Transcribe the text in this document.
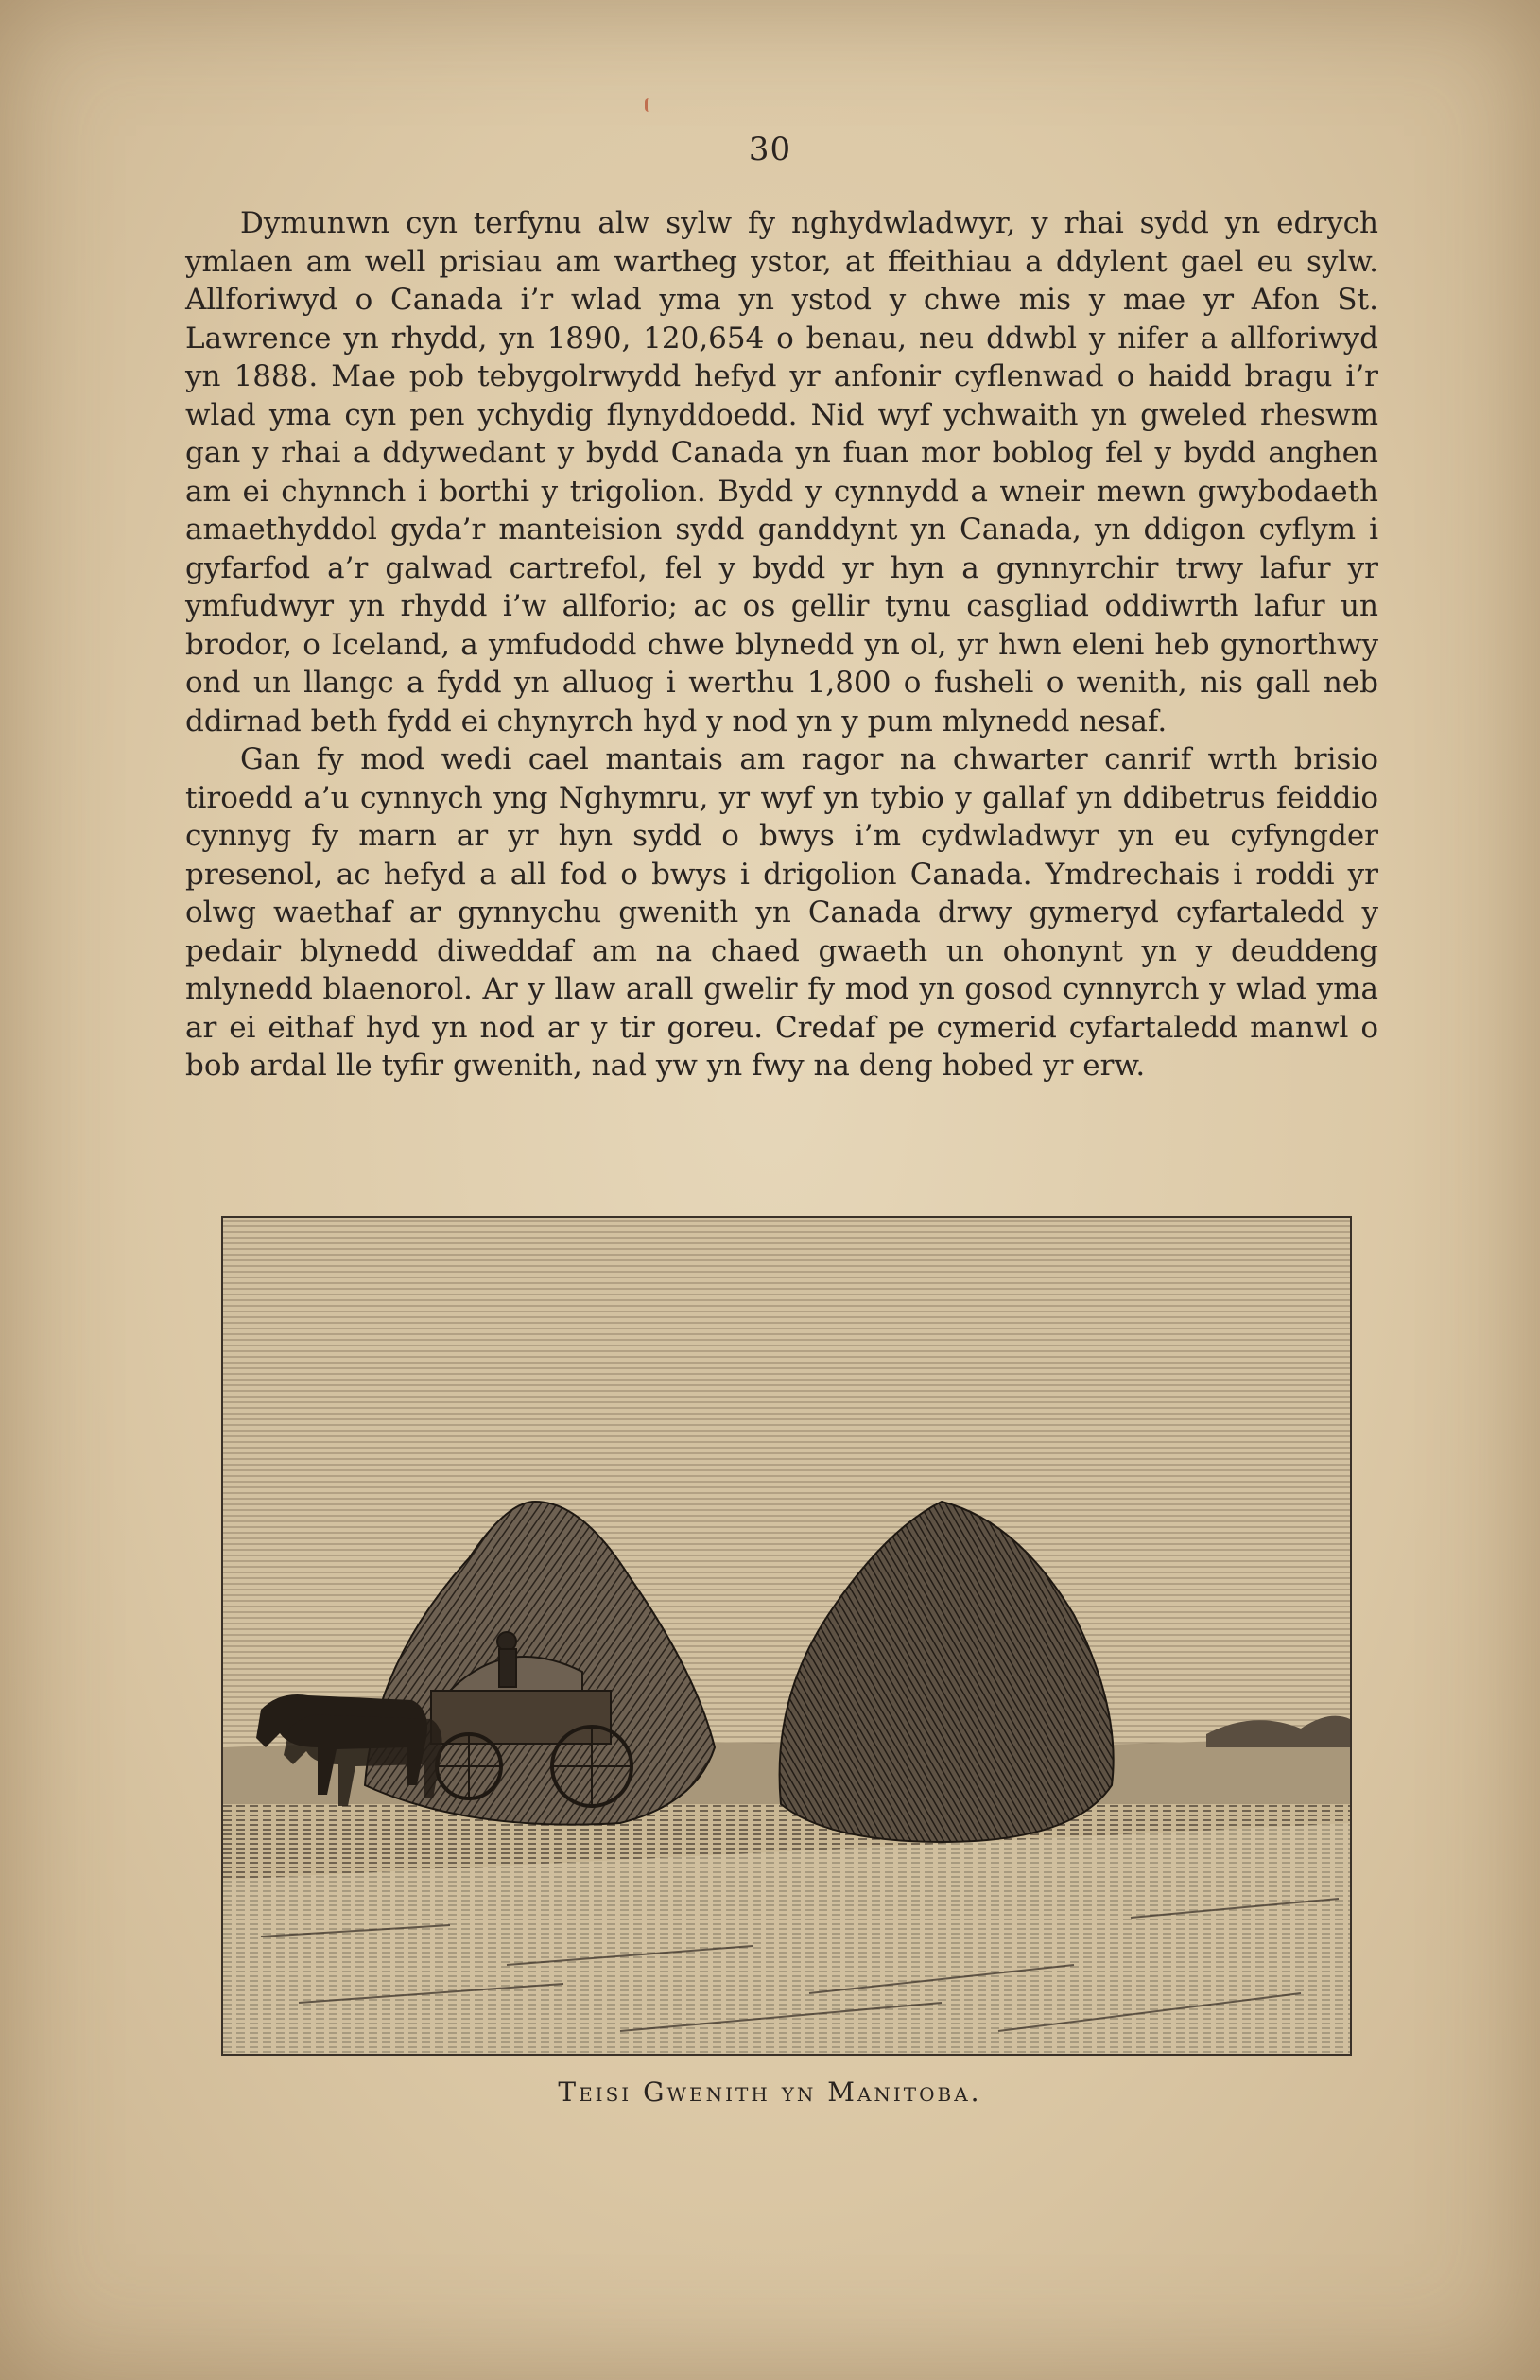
30

Dymunwn cyn terfynu alw sylw fy nghydwladwyr, y rhai sydd yn edrych ymlaen am well prisiau am wartheg ystor, at ffeithiau a ddylent gael eu sylw. Allforiwyd o Canada i’r wlad yma yn ystod y chwe mis y mae yr Afon St. Lawrence yn rhydd, yn 1890, 120,654 o benau, neu ddwbl y nifer a allforiwyd yn 1888. Mae pob tebygolrwydd hefyd yr anfonir cyflenwad o haidd bragu i’r wlad yma cyn pen ychydig flynyddoedd. Nid wyf ychwaith yn gweled rheswm gan y rhai a ddywedant y bydd Canada yn fuan mor boblog fel y bydd anghen am ei chynnch i borthi y trigolion. Bydd y cynnydd a wneir mewn gwybodaeth amaethyddol gyda’r manteision sydd ganddynt yn Canada, yn ddigon cyflym i gyfarfod a’r galwad cartrefol, fel y bydd yr hyn a gynnyrchir trwy lafur yr ymfudwyr yn rhydd i’w allforio; ac os gellir tynu casgliad oddiwrth lafur un brodor, o Iceland, a ymfudodd chwe blynedd yn ol, yr hwn eleni heb gynorthwy ond un llangc a fydd yn alluog i werthu 1,800 o fusheli o wenith, nis gall neb ddirnad beth fydd ei chynyrch hyd y nod yn y pum mlynedd nesaf.

Gan fy mod wedi cael mantais am ragor na chwarter canrif wrth brisio tiroedd a’u cynnych yng Nghymru, yr wyf yn tybio y gallaf yn ddibetrus feiddio cynnyg fy marn ar yr hyn sydd o bwys i’m cydwladwyr yn eu cyfyngder presenol, ac hefyd a all fod o bwys i drigolion Canada. Ymdrechais i roddi yr olwg waethaf ar gynnychu gwenith yn Canada drwy gymeryd cyfartaledd y pedair blynedd diweddaf am na chaed gwaeth un ohonynt yn y deuddeng mlynedd blaenorol. Ar y llaw arall gwelir fy mod yn gosod cynnyrch y wlad yma ar ei eithaf hyd yn nod ar y tir goreu. Credaf pe cymerid cyfartaledd manwl o bob ardal lle tyfir gwenith, nad yw yn fwy na deng hobed yr erw.

Teisi Gwenith yn Manitoba.
